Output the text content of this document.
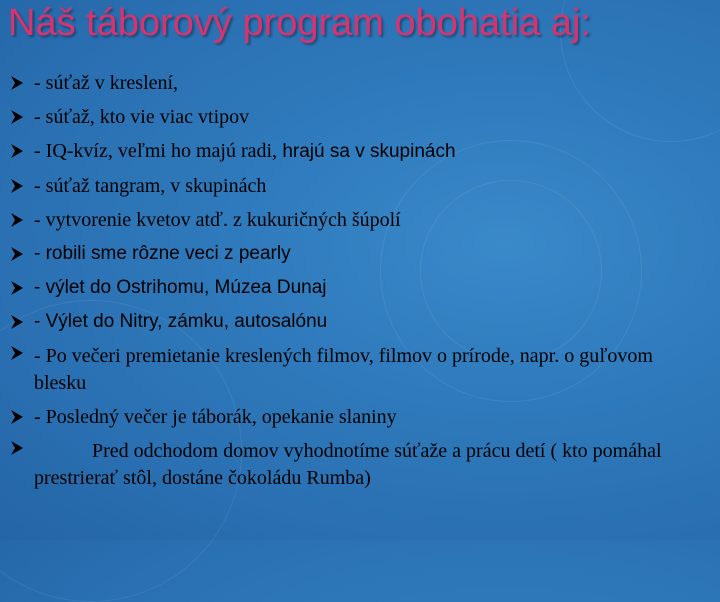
Náš táborový program obohatia aj:
- súťaž v kreslení,
- súťaž, kto vie viac vtipov
- IQ-kvíz, veľmi ho majú radi, hrajú sa v skupinách
- súťaž tangram, v skupinách
- vytvorenie kvetov atď. z kukuričných šúpolí
- robili sme rôzne veci z pearly
- výlet do Ostrihomu, Múzea Dunaj
- Výlet do Nitry, zámku, autosalónu
- Po večeri premietanie kreslených filmov, filmov o prírode, napr. o guľovom blesku
- Posledný večer je táborák, opekanie slaniny
Pred odchodom domov vyhodnotíme súťaže a prácu detí ( kto pomáhal prestrierať stôl, dostáne čokoládu Rumba)
